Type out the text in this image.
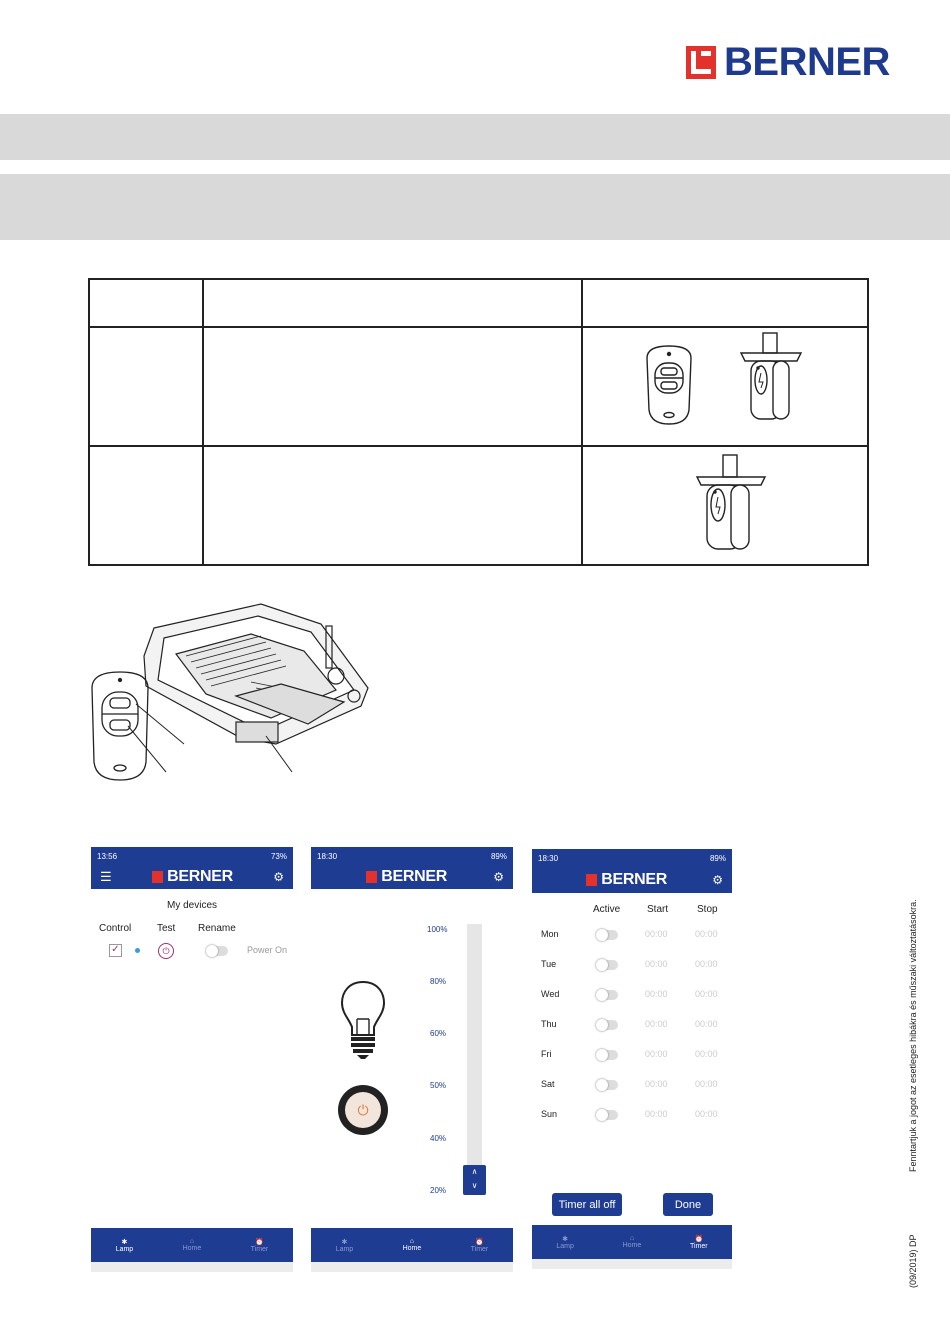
BERNER

13:56	73%
☰	BERNER	⚙
My devices
Control	Test Rename
✓	⏻	Power On
✱
Lamp
⌂
Home
⏰
Timer
18:30	89%
BERNER	⚙
⏻
100%
80%
60%
50%
40%
20%
∧
∨
✱
Lamp
⌂
Home
⏰
Timer
18:30	89%
BERNER	⚙
Active	Start	Stop
Mon	00:00	00:00
Tue	00:00	00:00
Wed	00:00	00:00
Thu	00:00	00:00
Fri	00:00	00:00
Sat	00:00	00:00
Sun	00:00	00:00
Timer all off	Done
✱
Lamp
⌂
Home
⏰
Timer
Fenntartjuk a jogot az esetleges hibákra és műszaki változtatásokra.
(09/2019) DP
